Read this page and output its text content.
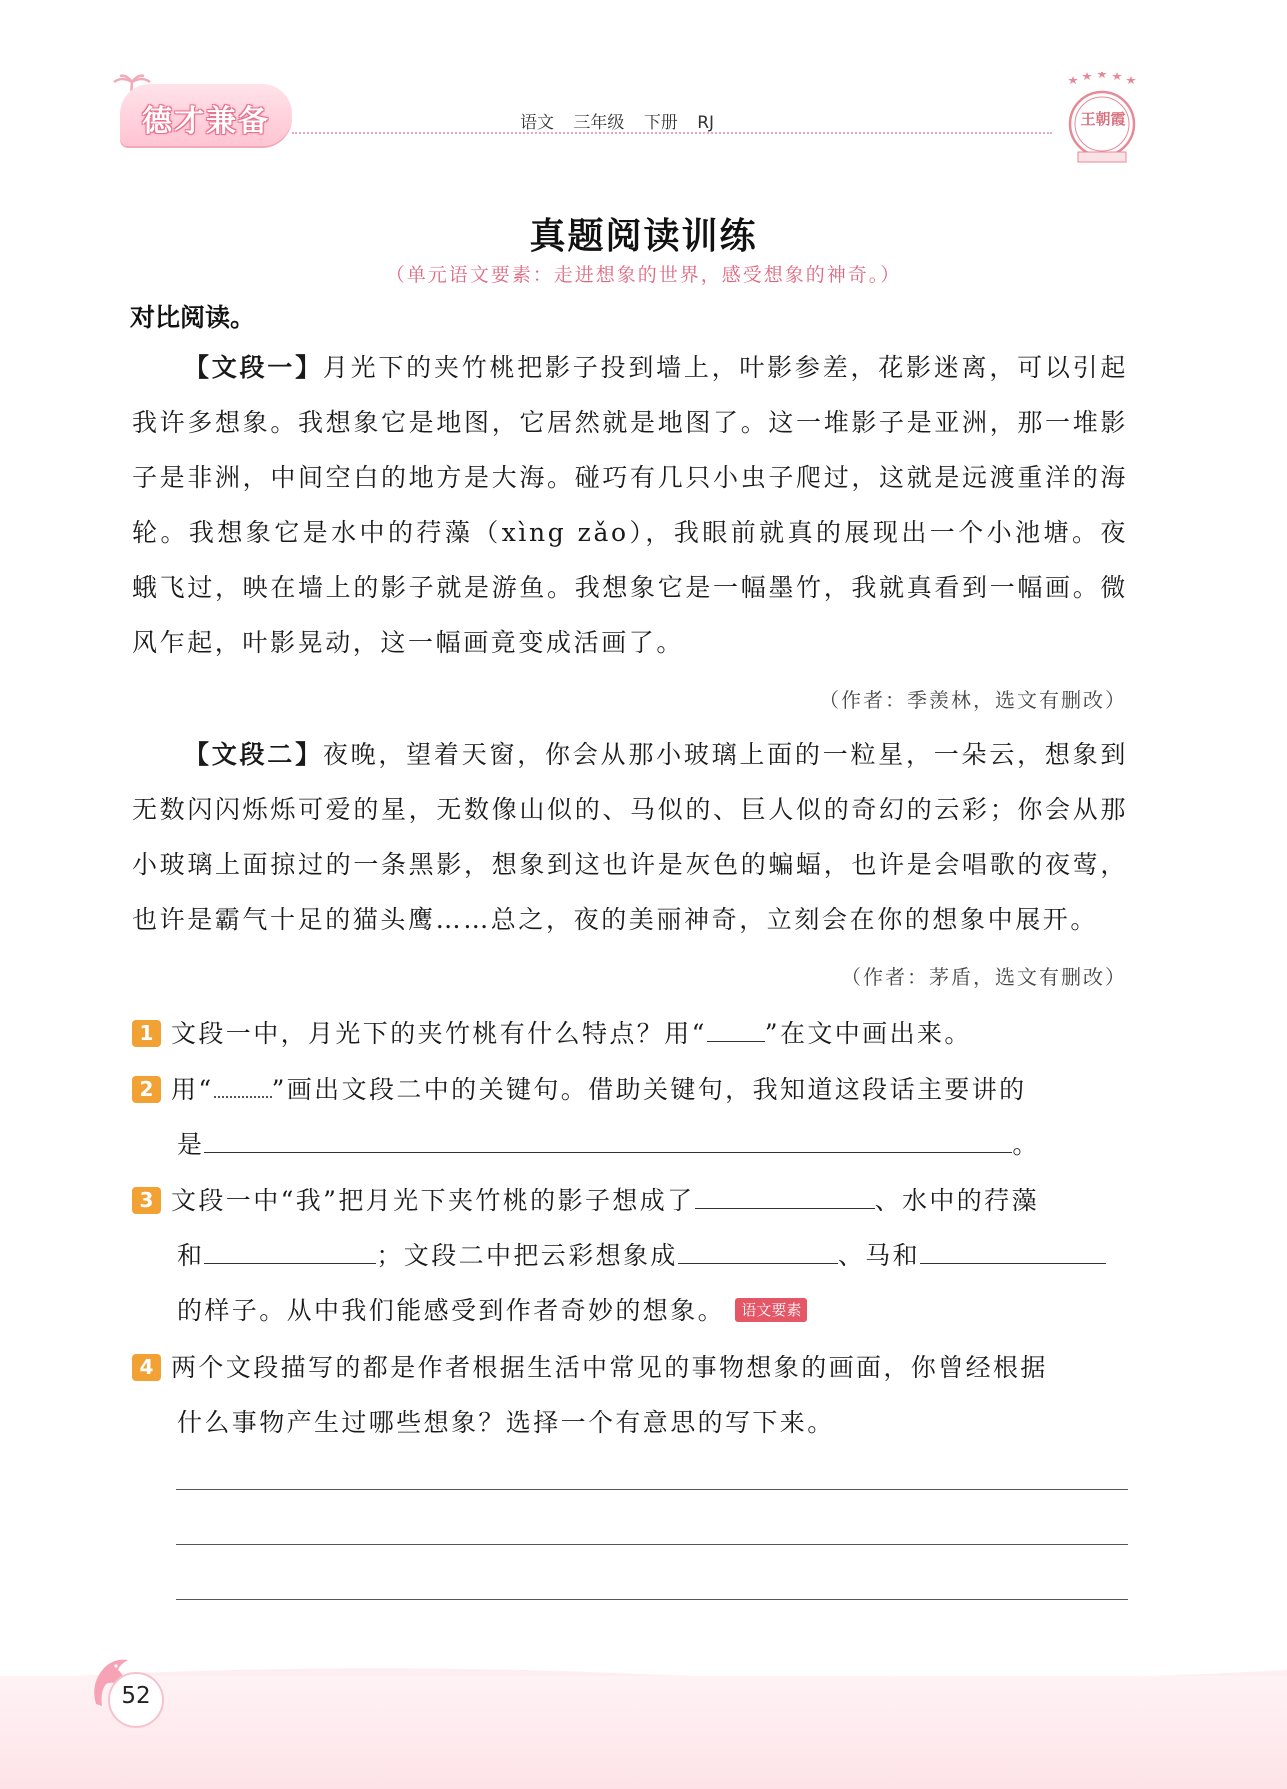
德才兼备	语文 三年级 下册 RJ	王朝霞
真题阅读训练
（单元语文要素：走进想象的世界，感受想象的神奇。）
对比阅读。

【文段一】月光下的夹竹桃把影子投到墙上，叶影参差，花影迷离，可以引起我许多想象。我想象它是地图，它居然就是地图了。这一堆影子是亚洲，那一堆影子是非洲，中间空白的地方是大海。碰巧有几只小虫子爬过，这就是远渡重洋的海轮。我想象它是水中的荇藻（xìng zǎo），我眼前就真的展现出一个小池塘。夜蛾飞过，映在墙上的影子就是游鱼。我想象它是一幅墨竹，我就真看到一幅画。微风乍起，叶影晃动，这一幅画竟变成活画了。

（作者：季羡林，选文有删改）

【文段二】夜晚，望着天窗，你会从那小玻璃上面的一粒星，一朵云，想象到无数闪闪烁烁可爱的星，无数像山似的、马似的、巨人似的奇幻的云彩；你会从那小玻璃上面掠过的一条黑影，想象到这也许是灰色的蝙蝠，也许是会唱歌的夜莺，也许是霸气十足的猫头鹰……总之，夜的美丽神奇，立刻会在你的想象中展开。

（作者：茅盾，选文有删改）
1 文段一中，月光下的夹竹桃有什么特点？用“ ”在文中画出来。
2 用“ ”画出文段二中的关键句。借助关键句，我知道这段话主要讲的
是	。
3 文段一中“我”把月光下夹竹桃的影子想成了	、水中的荇藻
和	；文段二中把云彩想象成	、马和
的样子。从中我们能感受到作者奇妙的想象。 语文要素
4 两个文段描写的都是作者根据生活中常见的事物想象的画面，你曾经根据
什么事物产生过哪些想象？选择一个有意思的写下来。
52
